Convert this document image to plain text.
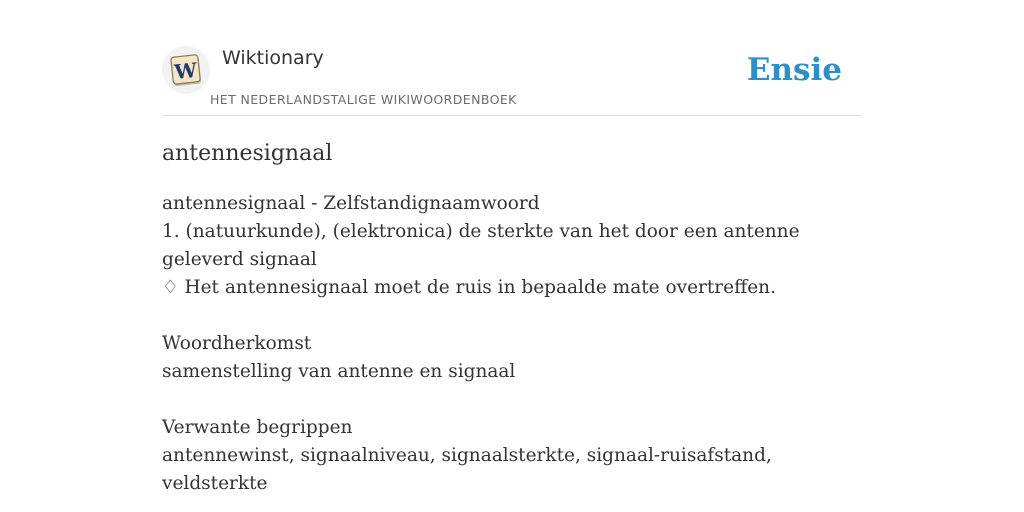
W Wiktionary
HET NEDERLANDSTALIGE WIKIWOORDENBOEK
Ensie
antennesignaal

antennesignaal - Zelfstandignaamwoord

1. (natuurkunde), (elektronica) de sterkte van het door een antenne geleverd signaal

♢ Het antennesignaal moet de ruis in bepaalde mate overtreffen.

Woordherkomst

samenstelling van antenne en signaal

Verwante begrippen

antennewinst, signaalniveau, signaalsterkte, signaal-ruisafstand, veldsterkte
